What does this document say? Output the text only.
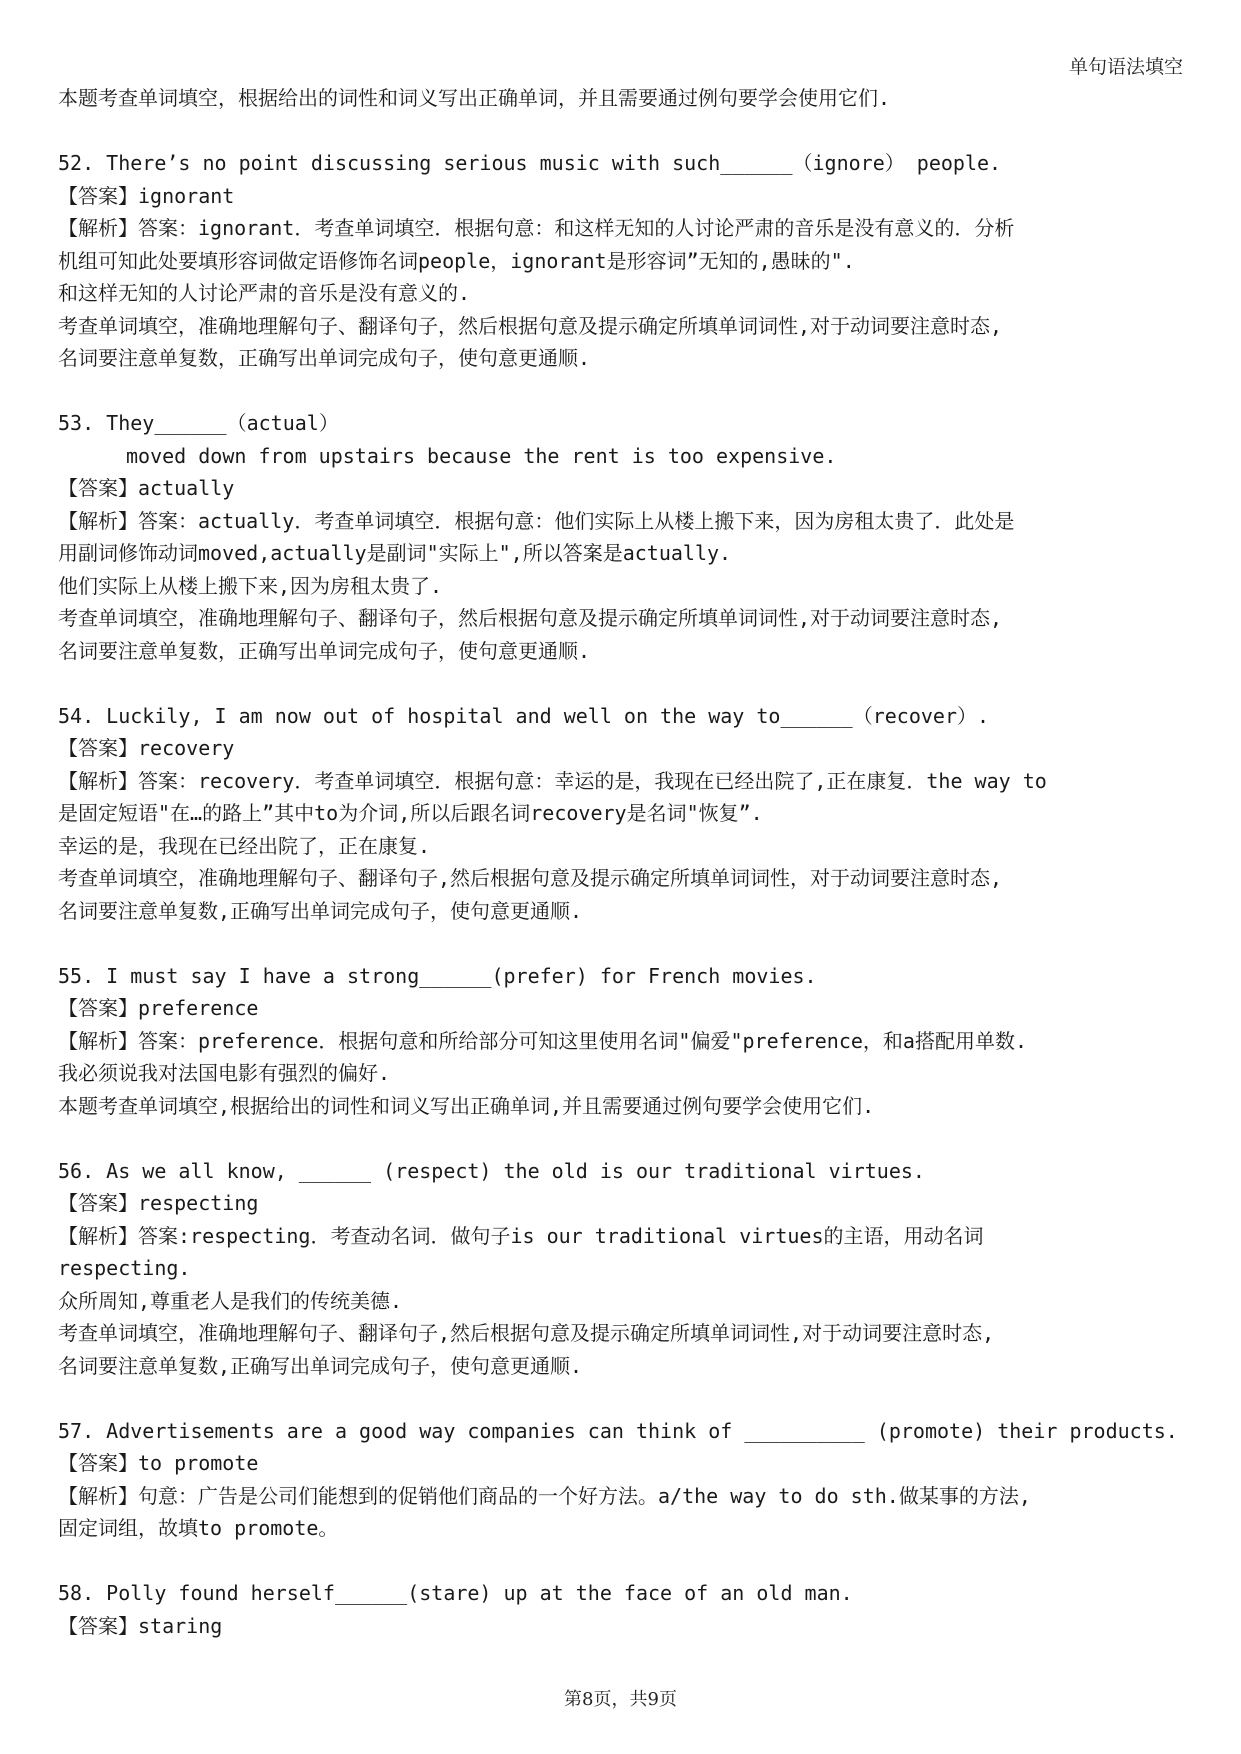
单句语法填空
本题考查单词填空，根据给出的词性和词义写出正确单词，并且需要通过例句要学会使用它们.
52. There’s no point discussing serious music with such______（ignore） people.
【答案】ignorant
【解析】答案：ignorant．考查单词填空．根据句意：和这样无知的人讨论严肃的音乐是没有意义的．分析
机组可知此处要填形容词做定语修饰名词people，ignorant是形容词”无知的,愚昧的".
和这样无知的人讨论严肃的音乐是没有意义的.
考查单词填空，准确地理解句子、翻译句子，然后根据句意及提示确定所填单词词性,对于动词要注意时态,
名词要注意单复数，正确写出单词完成句子，使句意更通顺.
53. They______（actual）
moved down from upstairs because the rent is too expensive.
【答案】actually
【解析】答案：actually．考查单词填空．根据句意：他们实际上从楼上搬下来，因为房租太贵了．此处是
用副词修饰动词moved,actually是副词"实际上",所以答案是actually.
他们实际上从楼上搬下来,因为房租太贵了.
考查单词填空，准确地理解句子、翻译句子，然后根据句意及提示确定所填单词词性,对于动词要注意时态,
名词要注意单复数，正确写出单词完成句子，使句意更通顺.
54. Luckily, I am now out of hospital and well on the way to______（recover）.
【答案】recovery
【解析】答案：recovery．考查单词填空．根据句意：幸运的是，我现在已经出院了,正在康复．the way to
是固定短语"在…的路上”其中to为介词,所以后跟名词recovery是名词"恢复”.
幸运的是，我现在已经出院了，正在康复.
考查单词填空，准确地理解句子、翻译句子,然后根据句意及提示确定所填单词词性，对于动词要注意时态,
名词要注意单复数,正确写出单词完成句子，使句意更通顺.
55. I must say I have a strong______(prefer) for French movies.
【答案】preference
【解析】答案：preference．根据句意和所给部分可知这里使用名词"偏爱"preference，和a搭配用单数.
我必须说我对法国电影有强烈的偏好.
本题考查单词填空,根据给出的词性和词义写出正确单词,并且需要通过例句要学会使用它们.
56. As we all know, ______ (respect) the old is our traditional virtues.
【答案】respecting
【解析】答案:respecting．考查动名词．做句子is our traditional virtues的主语，用动名词
respecting.
众所周知,尊重老人是我们的传统美德.
考查单词填空，准确地理解句子、翻译句子,然后根据句意及提示确定所填单词词性,对于动词要注意时态,
名词要注意单复数,正确写出单词完成句子，使句意更通顺.
57. Advertisements are a good way companies can think of __________ (promote) their products.
【答案】to promote
【解析】句意：广告是公司们能想到的促销他们商品的一个好方法。a/the way to do sth.做某事的方法,
固定词组，故填to promote。
58. Polly found herself______(stare) up at the face of an old man.
【答案】staring
第8页，共9页
